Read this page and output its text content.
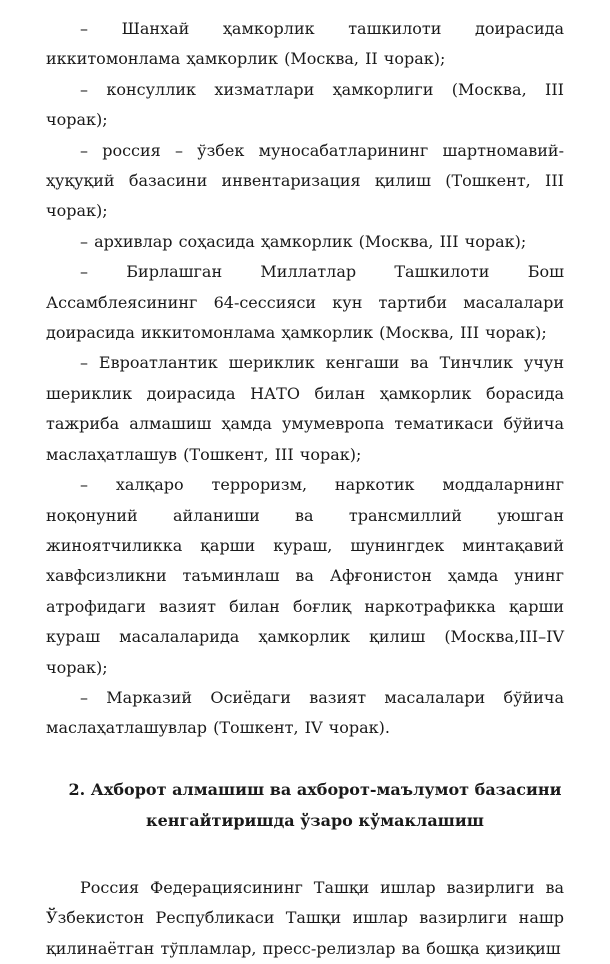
– Шанхай ҳамкорлик ташкилоти доирасида иккитомонлама ҳамкорлик (Москва, II чорак);

– консуллик хизматлари ҳамкорлиги (Москва, III чорак);

– россия – ўзбек муносабатларининг шартномавий-ҳуқуқий базасини инвентаризация қилиш (Тошкент, III чорак);

– архивлар соҳасида ҳамкорлик (Москва, III чорак);

– Бирлашган Миллатлар Ташкилоти Бош Ассамблеясининг 64-сессияси кун тартиби масалалари доирасида иккитомонлама ҳамкорлик (Москва, III чорак);

– Евроатлантик шериклик кенгаши ва Тинчлик учун шериклик доирасида НАТО билан ҳамкорлик борасида тажриба алмашиш ҳамда умумевропа тематикаси бўйича маслаҳатлашув (Тошкент, III чорак);

– халқаро терроризм, наркотик моддаларнинг ноқонуний айланиши ва трансмиллий уюшган жиноятчиликка қарши кураш, шунингдек минтақавий хавфсизликни таъминлаш ва Афғонистон ҳамда унинг атрофидаги вазият билан боғлиқ наркотрафикка қарши кураш масалаларида ҳамкорлик қилиш (Москва,III–IV чорак);

– Марказий Осиёдаги вазият масалалари бўйича маслаҳатлашувлар (Тошкент, IV чорак).

2. Ахборот алмашиш ва ахборот-маълумот базасини

кенгайтиришда ўзаро кўмаклашиш

Россия Федерациясининг Ташқи ишлар вазирлиги ва Ўзбекистон Республикаси Ташқи ишлар вазирлиги нашр қилинаётган тўпламлар, пресс-релизлар ва бошқа қизиқиш
